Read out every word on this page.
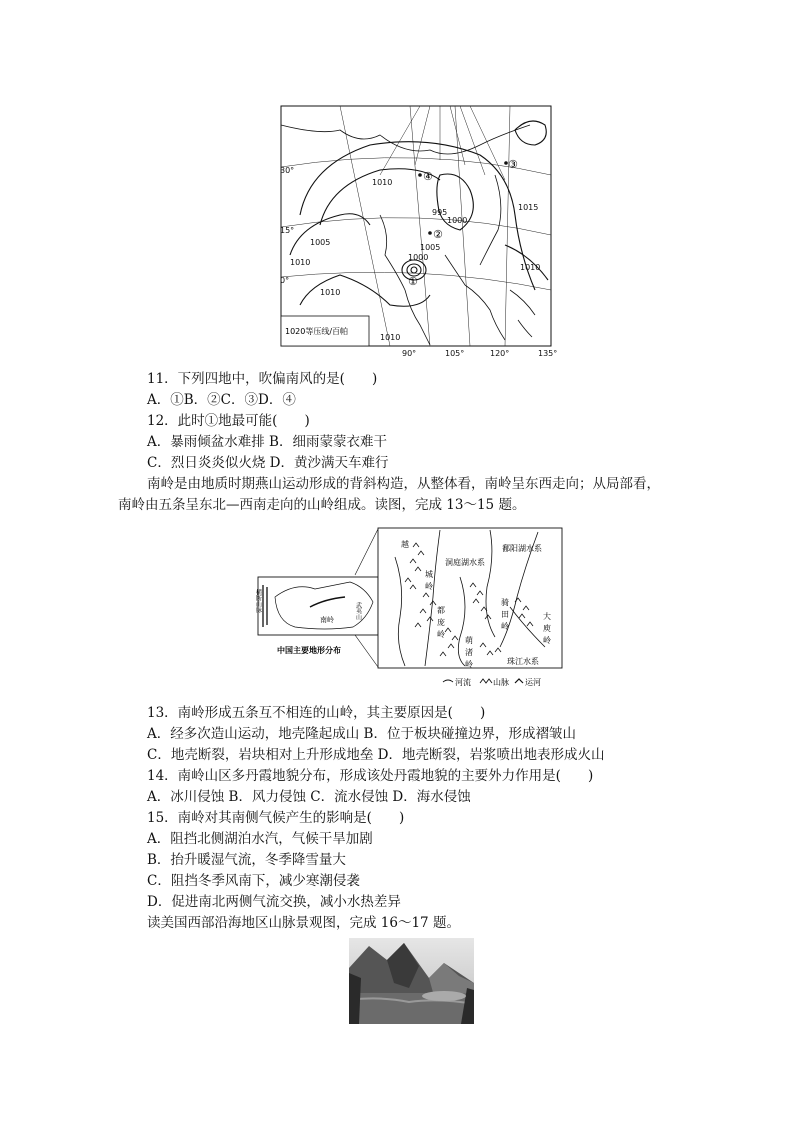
1020等压线/百帕
30°
15°
0°
90°	105°	120°	135°
1010
1005
995
1000
1005
1010
1015
1010
1000
1010
1010
④
②
③
①
11．下列四地中，吹偏南风的是(　　)
A．①B．②C．③D．④
12．此时①地最可能(　　)
A．暴雨倾盆水难排 B．细雨蒙蒙衣难干
C．烈日炎炎似火烧 D．黄沙满天车难行
南岭是由地质时期燕山运动形成的背斜构造，从整体看，南岭呈东西走向；从局部看，
南岭由五条呈东北—西南走向的山岭组成。读图，完成 13～15 题。
横断山脉
南岭	武夷山
中国主要地形分布
越
城
岭
洞庭湖水系
鄱阳湖水系
都
庞
岭
骑
田
岭
萌
渚
岭
大
庾
岭
珠江水系
河流	山脉 运河
13．南岭形成五条互不相连的山岭，其主要原因是(　　)
A．经多次造山运动，地壳隆起成山 B．位于板块碰撞边界，形成褶皱山
C．地壳断裂，岩块相对上升形成地垒 D．地壳断裂，岩浆喷出地表形成火山
14．南岭山区多丹霞地貌分布，形成该处丹霞地貌的主要外力作用是(　　)
A．冰川侵蚀 B．风力侵蚀 C．流水侵蚀 D．海水侵蚀
15．南岭对其南侧气候产生的影响是(　　)
A．阻挡北侧湖泊水汽，气候干旱加剧
B．抬升暖湿气流，冬季降雪量大
C．阻挡冬季风南下，减少寒潮侵袭
D．促进南北两侧气流交换，减小水热差异
读美国西部沿海地区山脉景观图，完成 16～17 题。
